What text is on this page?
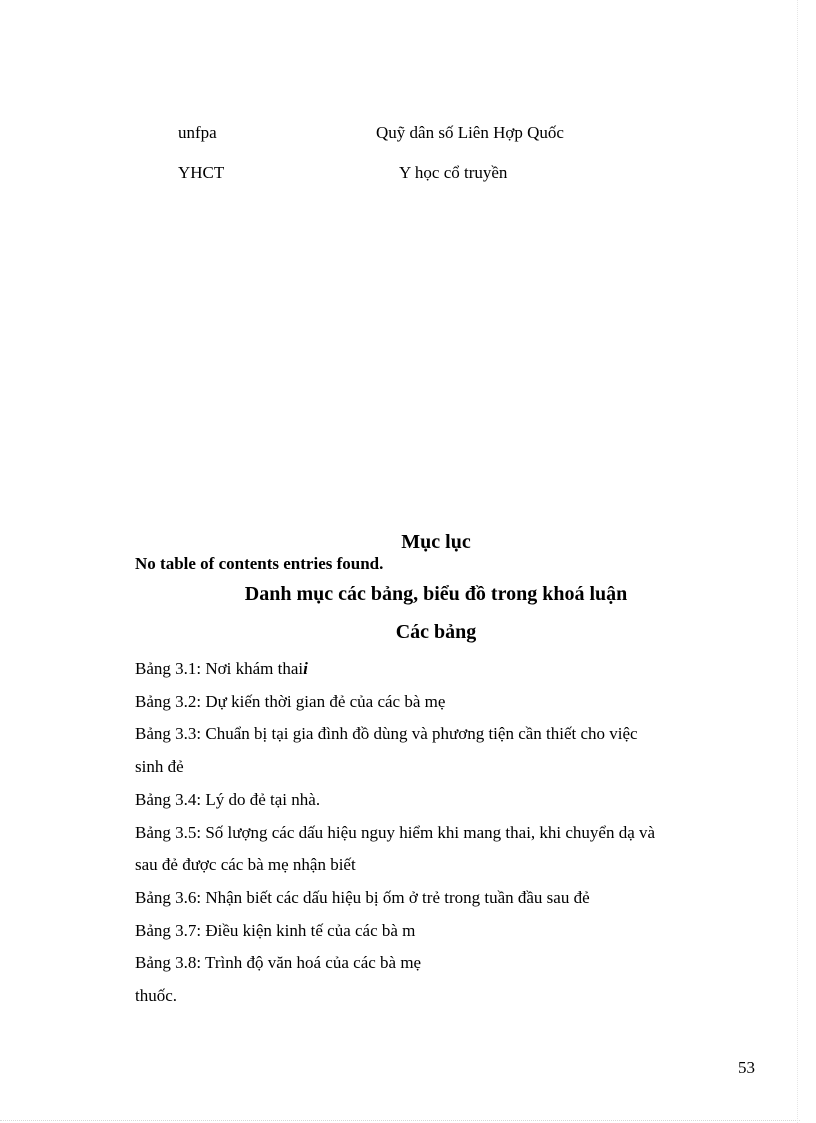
unfpa	Quỹ dân số Liên Hợp Quốc
YHCT	Y học cổ truyền
Mục lục
No table of contents entries found.
Danh mục các bảng, biểu đồ trong khoá luận
Các bảng
Bảng 3.1: Nơi khám thaii
Bảng 3.2: Dự kiến thời gian đẻ của các bà mẹ
Bảng 3.3: Chuẩn bị tại gia đình đồ dùng và phương tiện cần thiết cho việc
sinh đẻ
Bảng 3.4: Lý do đẻ tại nhà.
Bảng 3.5: Số lượng các dấu hiệu nguy hiểm khi mang thai, khi chuyển dạ và
sau đẻ được các bà mẹ nhận biết
Bảng 3.6: Nhận biết các dấu hiệu bị ốm ở trẻ trong tuần đầu sau đẻ
Bảng 3.7: Điều kiện kinh tế của các bà m
Bảng 3.8: Trình độ văn hoá của các bà mẹ
thuốc.
53
